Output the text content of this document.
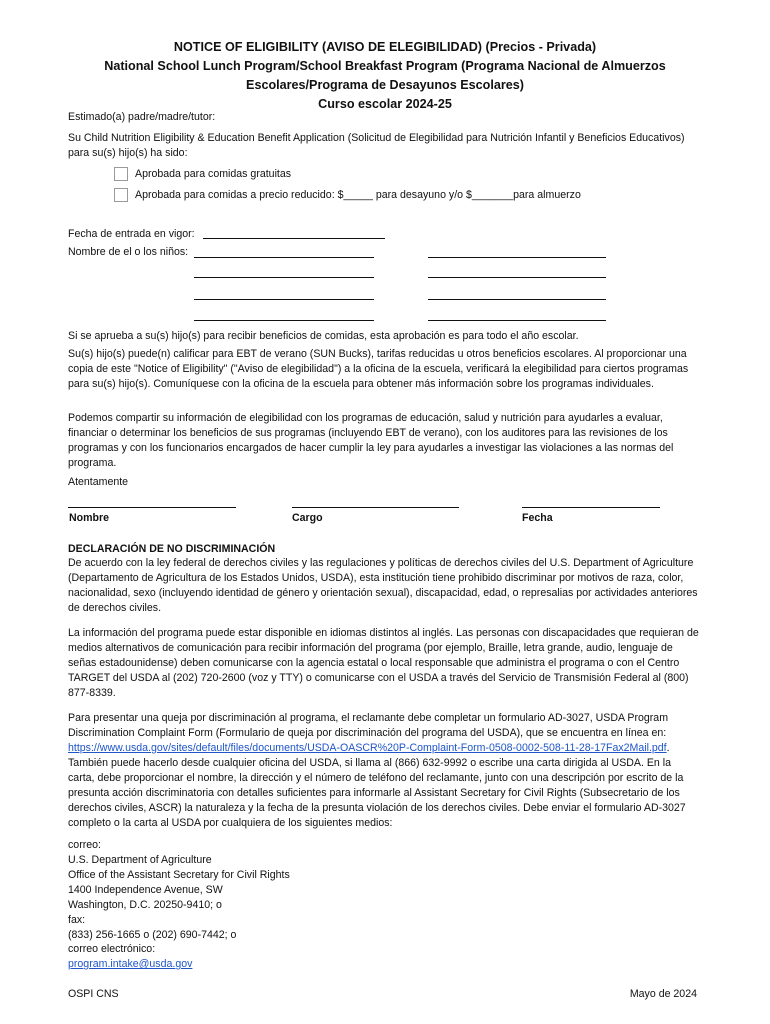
NOTICE OF ELIGIBILITY (AVISO DE ELEGIBILIDAD) (Precios - Privada)
National School Lunch Program/School Breakfast Program (Programa Nacional de Almuerzos
Escolares/Programa de Desayunos Escolares)
Curso escolar 2024-25
Estimado(a) padre/madre/tutor:
Su Child Nutrition Eligibility & Education Benefit Application (Solicitud de Elegibilidad para Nutrición Infantil y Beneficios Educativos) para su(s) hijo(s) ha sido:
Aprobada para comidas gratuitas
Aprobada para comidas a precio reducido: $_____ para desayuno y/o $_______para almuerzo
Fecha de entrada en vigor:
Nombre de el o los niños:
Si se aprueba a su(s) hijo(s) para recibir beneficios de comidas, esta aprobación es para todo el año escolar.
Su(s) hijo(s) puede(n) calificar para EBT de verano (SUN Bucks), tarifas reducidas u otros beneficios escolares. Al proporcionar una copia de este "Notice of Eligibility" ("Aviso de elegibilidad") a la oficina de la escuela, verificará la elegibilidad para ciertos programas para su(s) hijo(s). Comuníquese con la oficina de la escuela para obtener más información sobre los programas individuales.
Podemos compartir su información de elegibilidad con los programas de educación, salud y nutrición para ayudarles a evaluar, financiar o determinar los beneficios de sus programas (incluyendo EBT de verano), con los auditores para las revisiones de los programas y con los funcionarios encargados de hacer cumplir la ley para ayudarles a investigar las violaciones a las normas del programa.
Atentamente
Nombre	Cargo	Fecha
DECLARACIÓN DE NO DISCRIMINACIÓN
De acuerdo con la ley federal de derechos civiles y las regulaciones y políticas de derechos civiles del U.S. Department of Agriculture (Departamento de Agricultura de los Estados Unidos, USDA), esta institución tiene prohibido discriminar por motivos de raza, color, nacionalidad, sexo (incluyendo identidad de género y orientación sexual), discapacidad, edad, o represalias por actividades anteriores de derechos civiles.
La información del programa puede estar disponible en idiomas distintos al inglés. Las personas con discapacidades que requieran de medios alternativos de comunicación para recibir información del programa (por ejemplo, Braille, letra grande, audio, lenguaje de señas estadounidense) deben comunicarse con la agencia estatal o local responsable que administra el programa o con el Centro TARGET del USDA al (202) 720-2600 (voz y TTY) o comunicarse con el USDA a través del Servicio de Transmisión Federal al (800) 877-8339.
Para presentar una queja por discriminación al programa, el reclamante debe completar un formulario AD-3027, USDA Program Discrimination Complaint Form (Formulario de queja por discriminación del programa del USDA), que se encuentra en línea en: https://www.usda.gov/sites/default/files/documents/USDA-OASCR%20P-Complaint-Form-0508-0002-508-11-28-17Fax2Mail.pdf. También puede hacerlo desde cualquier oficina del USDA, si llama al (866) 632-9992 o escribe una carta dirigida al USDA. En la carta, debe proporcionar el nombre, la dirección y el número de teléfono del reclamante, junto con una descripción por escrito de la presunta acción discriminatoria con detalles suficientes para informarle al Assistant Secretary for Civil Rights (Subsecretario de los derechos civiles, ASCR) la naturaleza y la fecha de la presunta violación de los derechos civiles. Debe enviar el formulario AD-3027 completo o la carta al USDA por cualquiera de los siguientes medios:
correo:
U.S. Department of Agriculture
Office of the Assistant Secretary for Civil Rights
1400 Independence Avenue, SW
Washington, D.C. 20250-9410; o
fax:
(833) 256-1665 o (202) 690-7442; o
correo electrónico:
program.intake@usda.gov
OSPI CNS	Mayo de 2024
